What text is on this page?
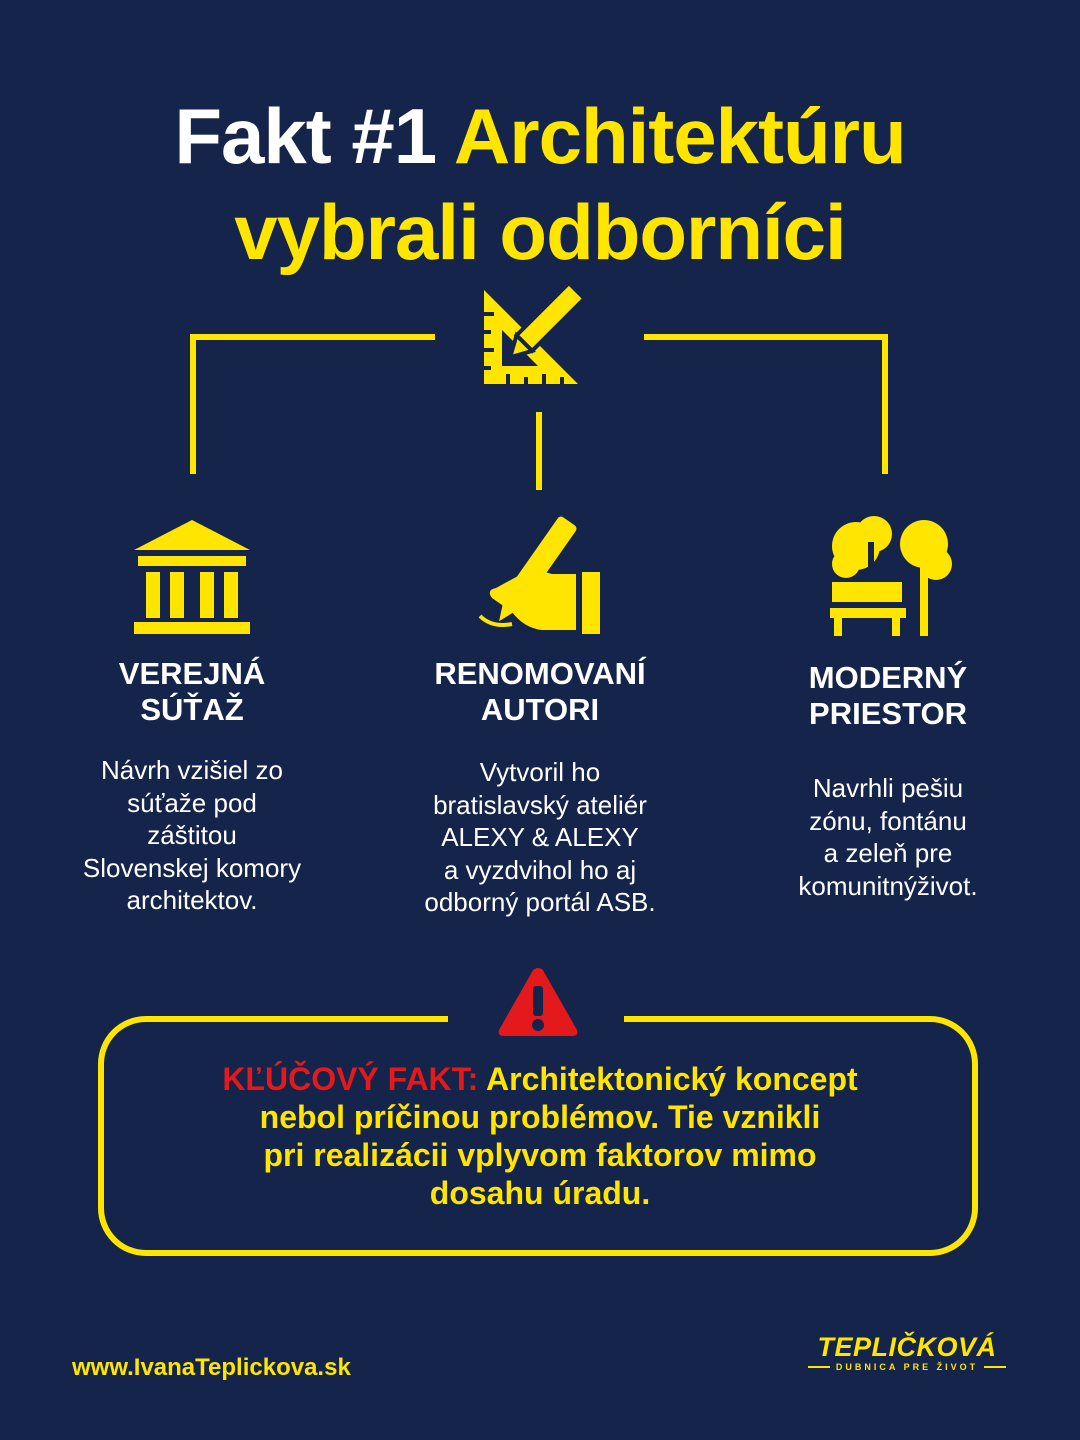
Fakt #1 Architektúru
vybrali odborníci
VEREJNÁ
SÚŤAŽ
RENOMOVANÍ
AUTORI
MODERNÝ
PRIESTOR
Návrh vzišiel zo
súťaže pod
záštitou
Slovenskej komory
architektov.
Vytvoril ho
bratislavský ateliér
ALEXY & ALEXY
a vyzdvihol ho aj
odborný portál ASB.
Navrhli pešiu
zónu, fontánu
a zeleň pre
komunitnýživot.
KĽÚČOVÝ FAKT: Architektonický koncept
nebol príčinou problémov. Tie vznikli
pri realizácii vplyvom faktorov mimo
dosahu úradu.
www.IvanaTeplickova.sk
TEPLIČKOVÁ
DUBNICA PRE ŽIVOT
